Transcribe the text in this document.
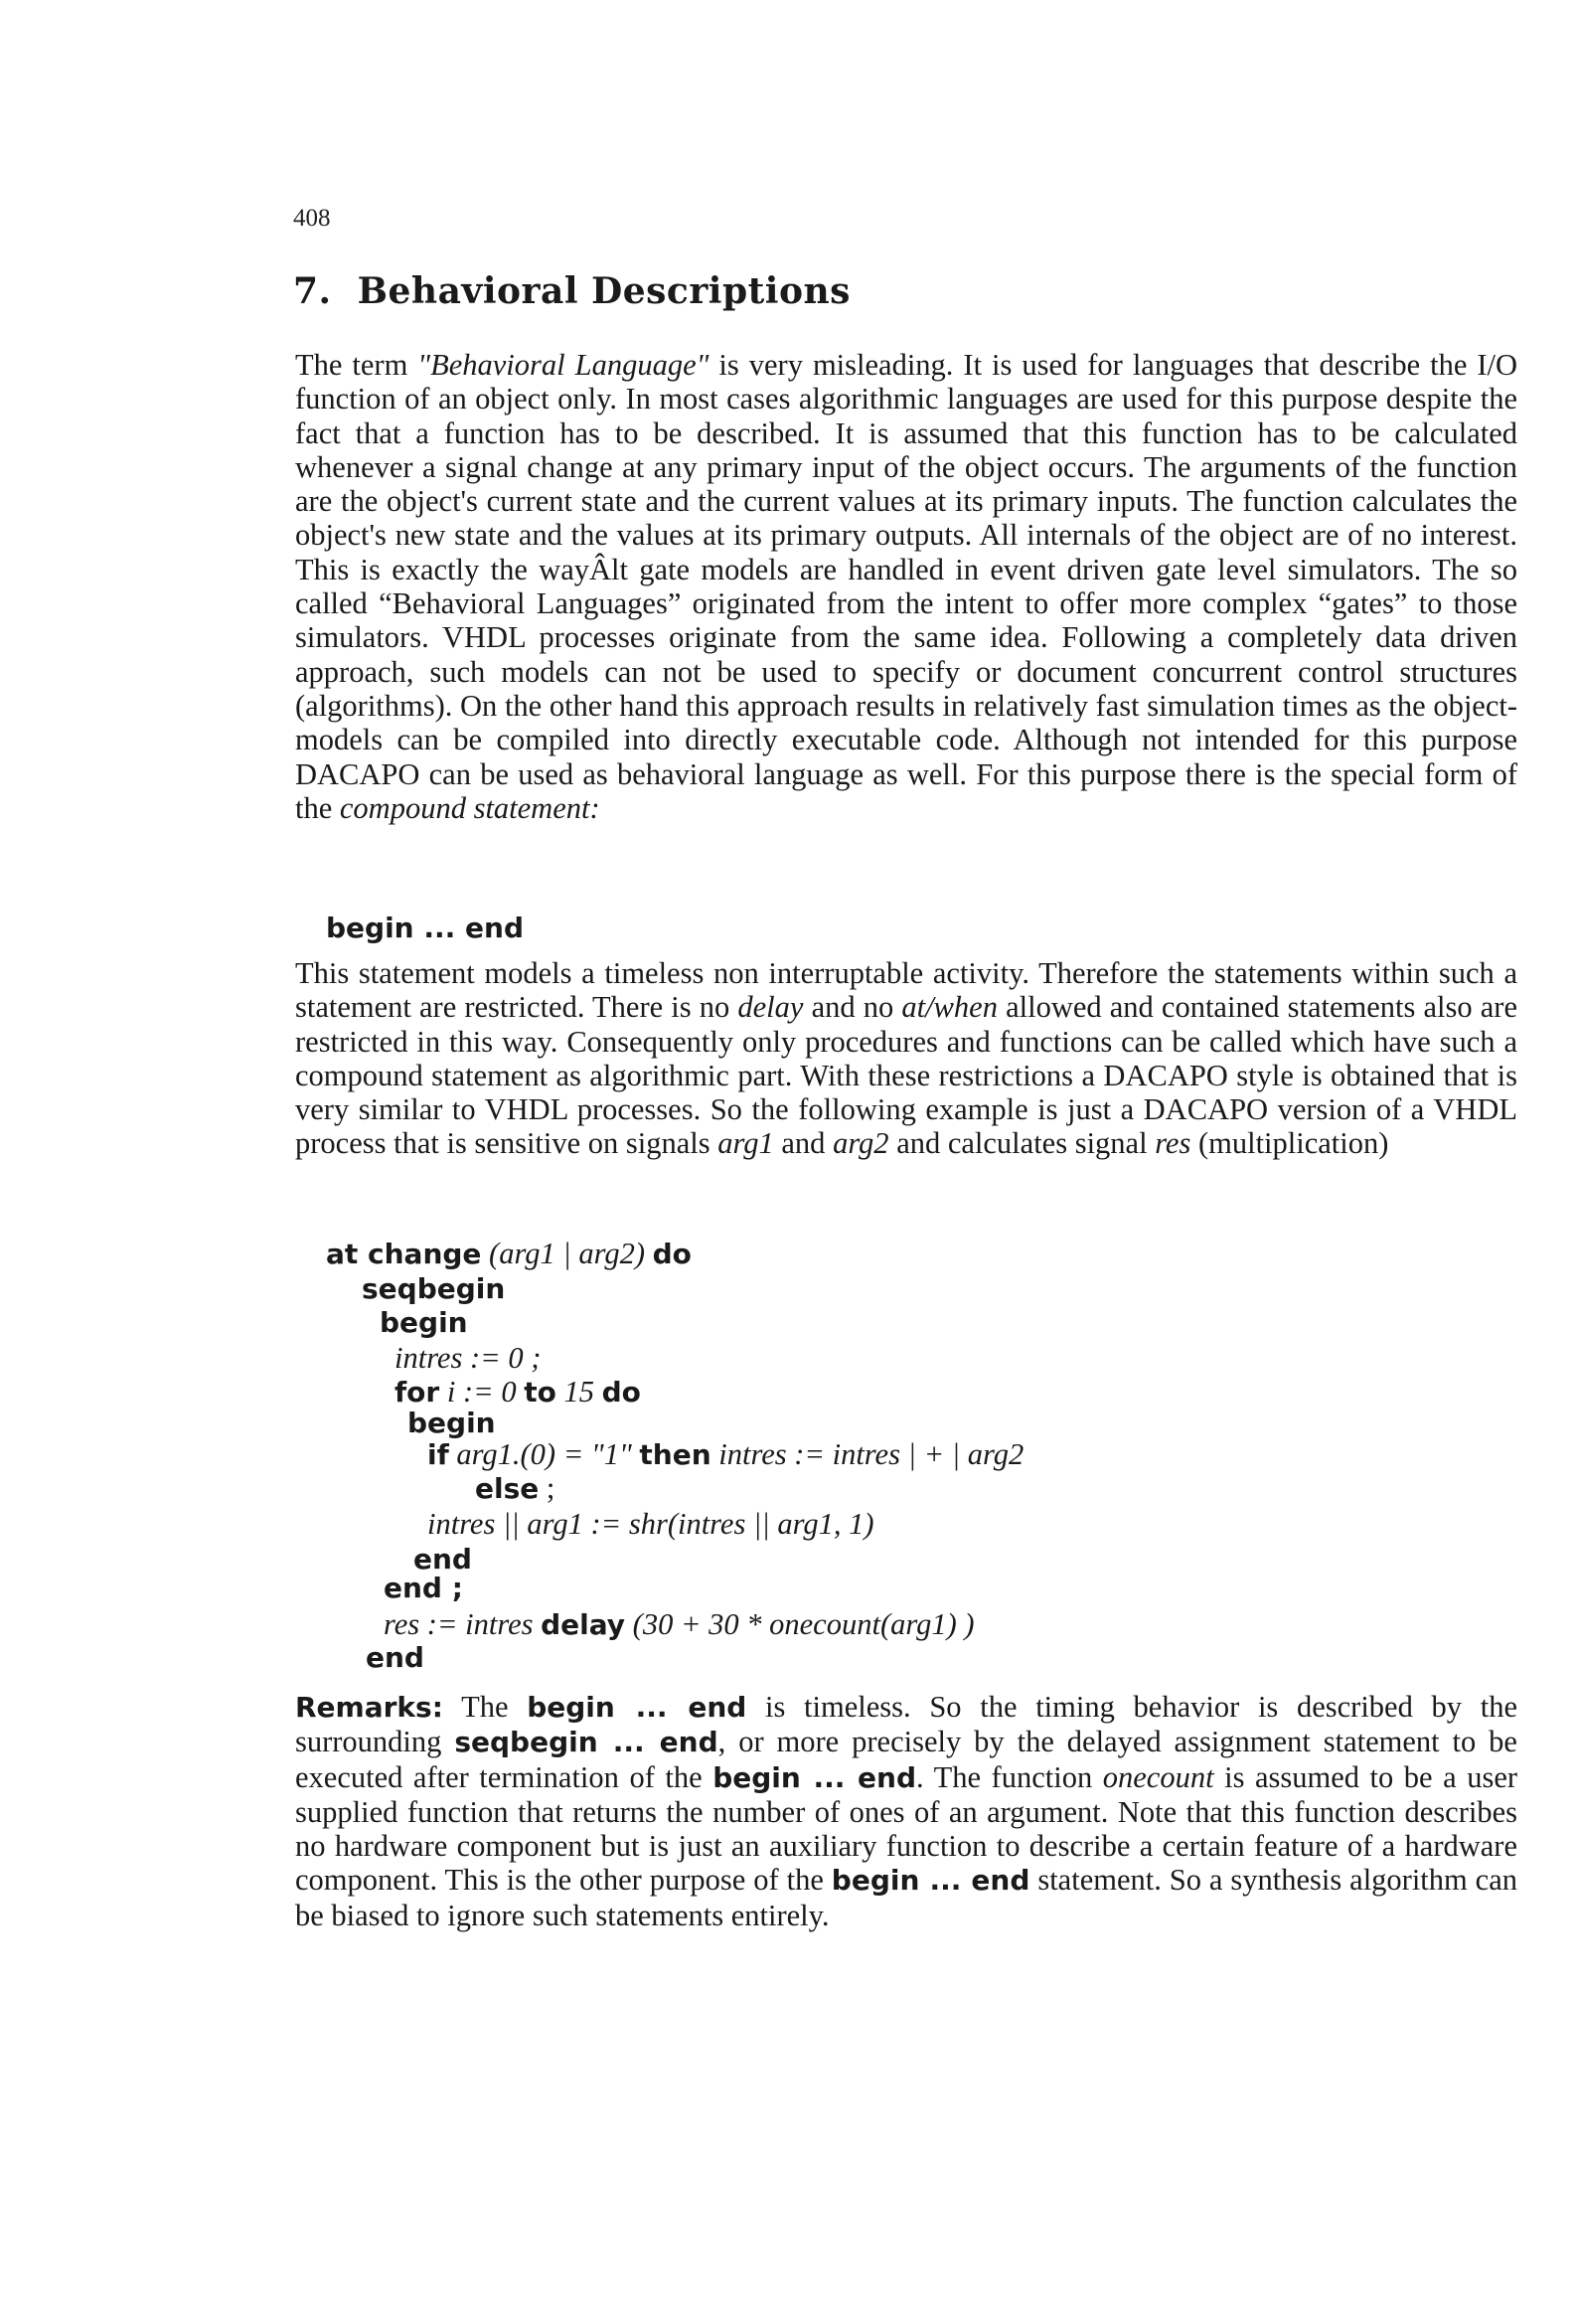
408
7. Behavioral Descriptions

The term "Behavioral Language" is very misleading. It is used for languages that describe the I/O function of an object only. In most cases algorithmic languages are used for this purpose despite the fact that a function has to be described. It is assumed that this function has to be calculated whenever a signal change at any primary input of the object occurs. The arguments of the function are the object's current state and the current values at its primary inputs. The function calculates the object's new state and the values at its primary outputs. All internals of the object are of no interest. This is exactly the wayÂlt gate models are handled in event driven gate level simulators. The so called “Behavioral Languages” originated from the intent to offer more complex “gates” to those simulators. VHDL processes originate from the same idea. Following a completely data driven approach, such models can not be used to specify or document concurrent control structures (algorithms). On the other hand this approach results in relatively fast simulation times as the object-models can be compiled into directly executable code. Although not intended for this purpose DACAPO can be used as behavioral language as well. For this purpose there is the special form of the compound statement:

begin ... end

This statement models a timeless non interruptable activity. Therefore the statements within such a statement are restricted. There is no delay and no at/when allowed and contained statements also are restricted in this way. Consequently only procedures and functions can be called which have such a compound statement as algorithmic part. With these restrictions a DACAPO style is obtained that is very similar to VHDL processes. So the following example is just a DACAPO version of a VHDL process that is sensitive on signals arg1 and arg2 and calculates signal res (multiplication)

at change (arg1 | arg2) do
seqbegin
begin
intres := 0 ;
for i := 0 to 15 do
begin
if arg1.(0) = "1" then intres := intres | + | arg2
else ;
intres || arg1 := shr(intres || arg1, 1)
end
end ;
res := intres delay (30 + 30 * onecount(arg1) )
end

Remarks: The begin ... end is timeless. So the timing behavior is described by the surrounding seqbegin ... end, or more precisely by the delayed assignment statement to be executed after termination of the begin ... end. The function onecount is assumed to be a user supplied function that returns the number of ones of an argument. Note that this function describes no hardware component but is just an auxiliary function to describe a certain feature of a hardware component. This is the other purpose of the begin ... end statement. So a synthesis algorithm can be biased to ignore such statements entirely.
